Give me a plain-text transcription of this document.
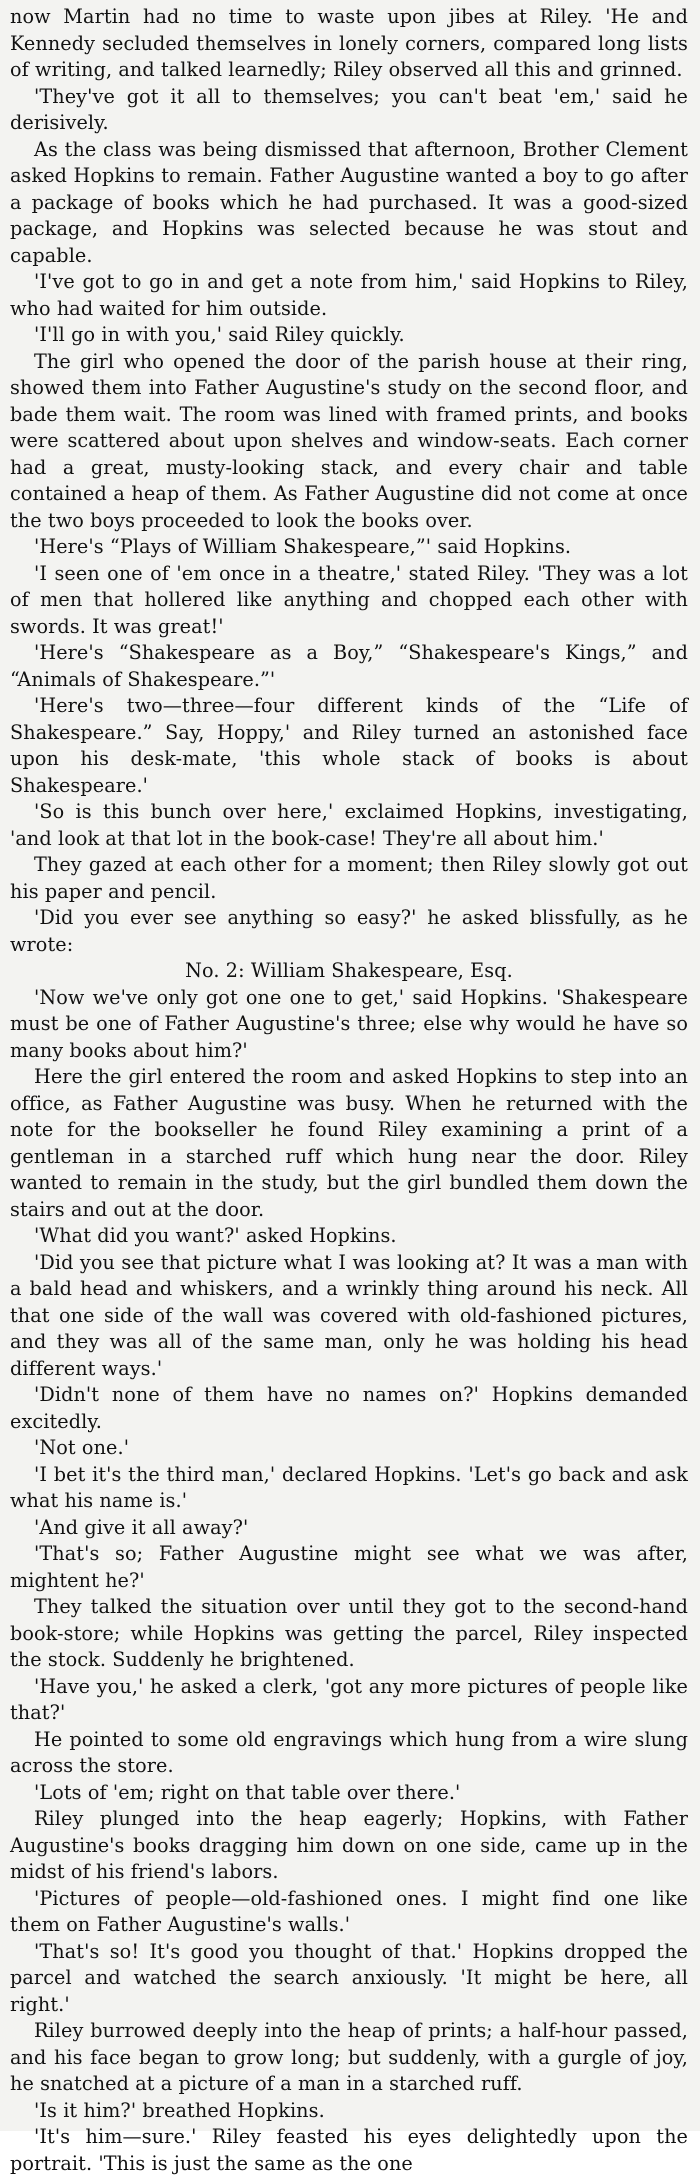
now Martin had no time to waste upon jibes at Riley. 'He and Kennedy secluded themselves in lonely corners, compared long lists of writing, and talked learnedly; Riley observed all this and grinned.

'They've got it all to themselves; you can't beat 'em,' said he derisively.

As the class was being dismissed that afternoon, Brother Clement asked Hopkins to remain. Father Augustine wanted a boy to go after a package of books which he had purchased. It was a good-sized package, and Hopkins was selected because he was stout and capable.

'I've got to go in and get a note from him,' said Hopkins to Riley, who had waited for him outside.

'I'll go in with you,' said Riley quickly.

The girl who opened the door of the parish house at their ring, showed them into Father Augustine's study on the second floor, and bade them wait. The room was lined with framed prints, and books were scattered about upon shelves and window-seats. Each corner had a great, musty-looking stack, and every chair and table contained a heap of them. As Father Augustine did not come at once the two boys proceeded to look the books over.

'Here's “Plays of William Shakespeare,”' said Hopkins.

'I seen one of 'em once in a theatre,' stated Riley. 'They was a lot of men that hollered like anything and chopped each other with swords. It was great!'

'Here's “Shakespeare as a Boy,” “Shakespeare's Kings,” and “Animals of Shakespeare.”'

'Here's two—three—four different kinds of the “Life of Shakespeare.” Say, Hoppy,' and Riley turned an astonished face upon his desk-mate, 'this whole stack of books is about Shakespeare.'

'So is this bunch over here,' exclaimed Hopkins, investigating, 'and look at that lot in the book-case! They're all about him.'

They gazed at each other for a moment; then Riley slowly got out his paper and pencil.

'Did you ever see anything so easy?' he asked blissfully, as he wrote:

No. 2: William Shakespeare, Esq.

'Now we've only got one one to get,' said Hopkins. 'Shakespeare must be one of Father Augustine's three; else why would he have so many books about him?'

Here the girl entered the room and asked Hopkins to step into an office, as Father Augustine was busy. When he returned with the note for the bookseller he found Riley examining a print of a gentleman in a starched ruff which hung near the door. Riley wanted to remain in the study, but the girl bundled them down the stairs and out at the door.

'What did you want?' asked Hopkins.

'Did you see that picture what I was looking at? It was a man with a bald head and whiskers, and a wrinkly thing around his neck. All that one side of the wall was covered with old-fashioned pictures, and they was all of the same man, only he was holding his head different ways.'

'Didn't none of them have no names on?' Hopkins demanded excitedly.

'Not one.'

'I bet it's the third man,' declared Hopkins. 'Let's go back and ask what his name is.'

'And give it all away?'

'That's so; Father Augustine might see what we was after, mightent he?'

They talked the situation over until they got to the second-hand book-store; while Hopkins was getting the parcel, Riley inspected the stock. Suddenly he brightened.

'Have you,' he asked a clerk, 'got any more pictures of people like that?'

He pointed to some old engravings which hung from a wire slung across the store.

'Lots of 'em; right on that table over there.'

Riley plunged into the heap eagerly; Hopkins, with Father Augustine's books dragging him down on one side, came up in the midst of his friend's labors.

'Pictures of people—old-fashioned ones. I might find one like them on Father Augustine's walls.'

'That's so! It's good you thought of that.' Hopkins dropped the parcel and watched the search anxiously. 'It might be here, all right.'

Riley burrowed deeply into the heap of prints; a half-hour passed, and his face began to grow long; but suddenly, with a gurgle of joy, he snatched at a picture of a man in a starched ruff.

'Is it him?' breathed Hopkins.

'It's him—sure.' Riley feasted his eyes delightedly upon the portrait. 'This is just the same as the one
